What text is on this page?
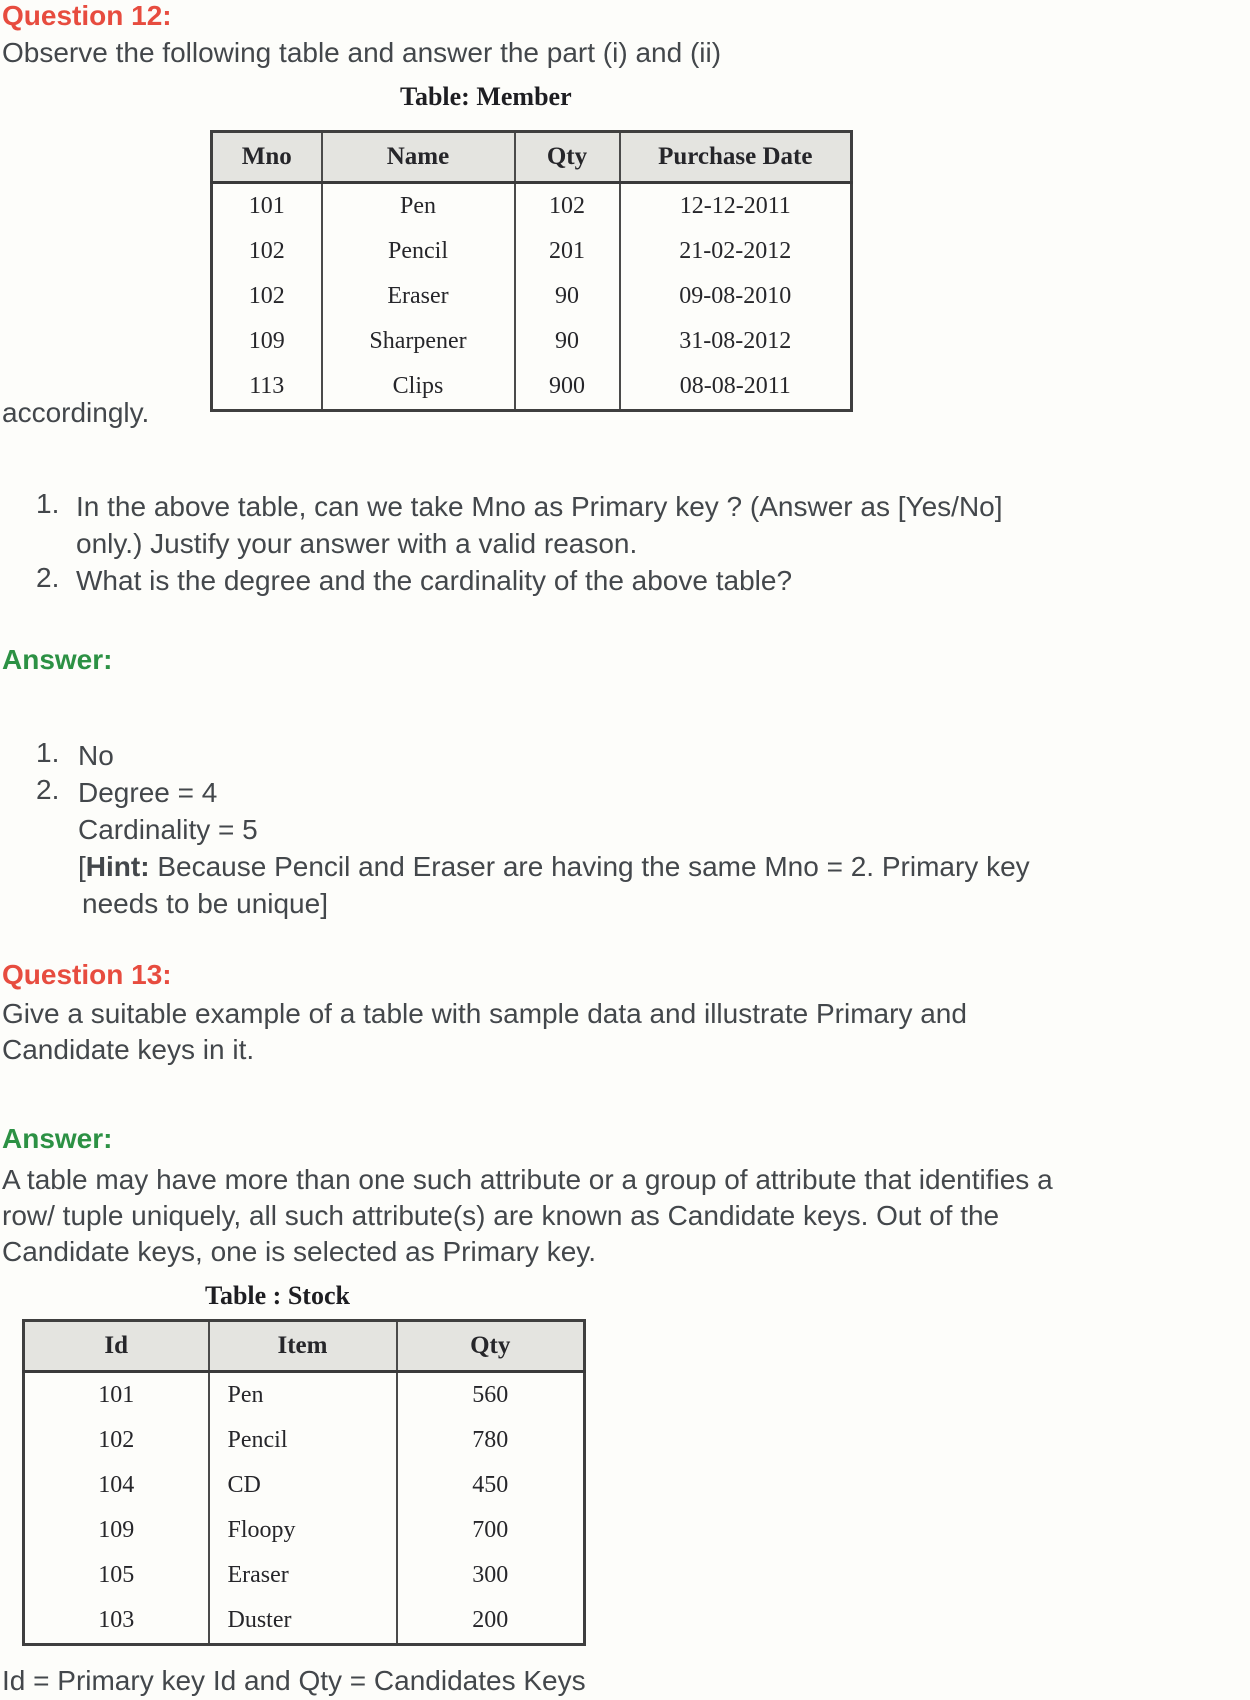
Question 12:
Observe the following table and answer the part (i) and (ii)
Table: Member
Mno	Name	Qty	Purchase Date
101	Pen	102	12-12-2011
102	Pencil	201	21-02-2012
102	Eraser	90	09-08-2010
109	Sharpener	90	31-08-2012
113	Clips	900	08-08-2011
accordingly.
1. In the above table, can we take Mno as Primary key ? (Answer as [Yes/No]
only.) Justify your answer with a valid reason.
2. What is the degree and the cardinality of the above table?
Answer:
1. No
2. Degree = 4
Cardinality = 5
[Hint: Because Pencil and Eraser are having the same Mno = 2. Primary key
needs to be unique]
Question 13:
Give a suitable example of a table with sample data and illustrate Primary and
Candidate keys in it.
Answer:
A table may have more than one such attribute or a group of attribute that identifies a
row/ tuple uniquely, all such attribute(s) are known as Candidate keys. Out of the
Candidate keys, one is selected as Primary key.
Table : Stock
Id	Item	Qty
101	Pen	560
102	Pencil	780
104	CD	450
109	Floopy	700
105	Eraser	300
103	Duster	200
Id = Primary key Id and Qty = Candidates Keys
